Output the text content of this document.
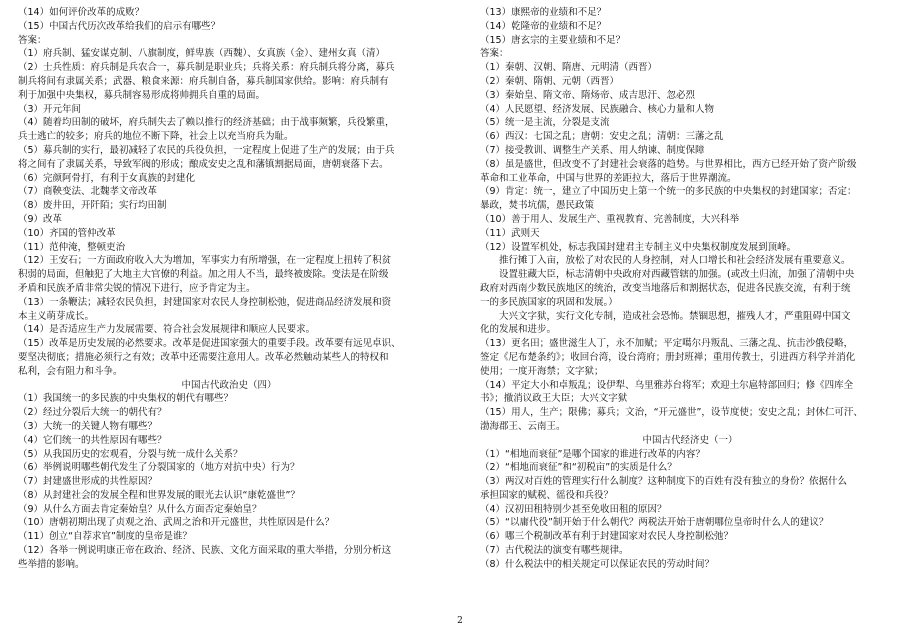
（14）如何评价改革的成败？
（15）中国古代历次改革给我们的启示有哪些？
答案：
（1）府兵制、猛安谋克制、八旗制度，鲜卑族（西魏）、女真族（金）、建州女真（清）
（2）士兵性质：府兵制是兵农合一，募兵制是职业兵；兵将关系：府兵制兵将分离，募兵
制兵将间有隶属关系；武器、粮食来源：府兵制自备，募兵制国家供给。影响：府兵制有
利于加强中央集权，募兵制容易形成将帅拥兵自重的局面。
（3）开元年间
（4）随着均田制的破坏，府兵制失去了赖以推行的经济基础；由于战事频繁，兵役繁重，
兵士逃亡的较多；府兵的地位不断下降，社会上以充当府兵为耻。
（5）募兵制的实行，最初减轻了农民的兵役负担，一定程度上促进了生产的发展；由于兵
将之间有了隶属关系，导致军阀的形成；酿成安史之乱和藩镇割据局面，唐朝衰落下去。
（6）完颜阿骨打，有利于女真族的封建化
（7）商鞅变法、北魏孝文帝改革
（8）废井田，开阡陌；实行均田制
（9）改革
（10）齐国的管仲改革
（11）范仲淹，整顿吏治
（12）王安石；一方面政府收入大为增加，军事实力有所增强，在一定程度上扭转了积贫
积弱的局面，但触犯了大地主大官僚的利益。加之用人不当，最终被废除。变法是在阶级
矛盾和民族矛盾非常尖锐的情况下进行，应予肯定为主。
（13）一条鞭法；减轻农民负担，封建国家对农民人身控制松弛，促进商品经济发展和资
本主义萌芽成长。
（14）是否适应生产力发展需要、符合社会发展规律和顺应人民要求。
（15）改革是历史发展的必然要求。改革是促进国家强大的重要手段。改革要有远见卓识、
要坚决彻底；措施必须行之有效；改革中还需要注意用人。改革必然触动某些人的特权和
私利，会有阻力和斗争。
中国古代政治史（四）
（1）我国统一的多民族的中央集权的朝代有哪些？
（2）经过分裂后大统一的朝代有？
（3）大统一的关键人物有哪些？
（4）它们统一的共性原因有哪些？
（5）从我国历史的宏观看，分裂与统一成什么关系？
（6）举例说明哪些朝代发生了分裂国家的（地方对抗中央）行为？
（7）封建盛世形成的共性原因？
（8）从封建社会的发展全程和世界发展的眼光去认识“康乾盛世”？
（9）从什么方面去肯定秦始皇？从什么方面否定秦始皇？
（10）唐朝初期出现了贞观之治、武周之治和开元盛世，共性原因是什么？
（11）创立“自荐求官”制度的皇帝是谁？
（12）各举一例说明康正帝在政治、经济、民族、文化方面采取的重大举措，分别分析这
些举措的影响。
（13）康熙帝的业绩和不足？
（14）乾隆帝的业绩和不足？
（15）唐玄宗的主要业绩和不足？
答案：
（1）秦朝、汉朝、隋唐、元明清（西晋）
（2）秦朝、隋朝、元朝（西晋）
（3）秦始皇、隋文帝、隋炀帝、成吉思汗、忽必烈
（4）人民愿望、经济发展、民族融合、核心力量和人物
（5）统一是主流，分裂是支流
（6）西汉：七国之乱；唐朝：安史之乱；清朝：三藩之乱
（7）接受教训、调整生产关系、用人纳谏、制度保障
（8）虽是盛世，但改变不了封建社会衰落的趋势。与世界相比，西方已经开始了资产阶级
革命和工业革命，中国与世界的差距拉大，落后于世界潮流。
（9）肯定：统一，建立了中国历史上第一个统一的多民族的中央集权的封建国家；否定：
暴政，焚书坑儒，愚民政策
（10）善于用人、发展生产、重视教育、完善制度，大兴科举
（11）武则天
（12）设置军机处，标志我国封建君主专制主义中央集权制度发展到顶峰。
　　推行摊丁入亩，放松了对农民的人身控制，对人口增长和社会经济发展有重要意义。
　　设置驻藏大臣，标志清朝中央政府对西藏管辖的加强。(或改土归流，加强了清朝中央
政府对西南少数民族地区的统治，改变当地落后和割据状态，促进各民族交流，有利于统
一的多民族国家的巩固和发展。）
　　大兴文字狱，实行文化专制，造成社会恐怖。禁锢思想，摧残人才，严重阻碍中国文
化的发展和进步。
（13）更名田；盛世滋生人丁，永不加赋；平定噶尔丹叛乱、三藩之乱、抗击沙俄侵略，
签定《尼布楚条约》；收回台湾，设台湾府；册封班禅；重用传教士，引进西方科学并消化
使用；一度开海禁；文字狱；
（14）平定大小和卓叛乱；设伊犁、乌里雅苏台将军；欢迎土尔扈特部回归；修《四库全
书》；撤消议政王大臣；大兴文字狱
（15）用人，生产；限佛；募兵；文治，“开元盛世”，设节度使；安史之乱；封休仁可汗、
渤海郡王、云南王。
中国古代经济史（一）
（1）“相地而衰征”是哪个国家的谁进行改革的内容？
（2）“相地而衰征”和“初税亩”的实质是什么？
（3）两汉对百姓的管理实行什么制度？这种制度下的百姓有没有独立的身份？依据什么
承担国家的赋税、徭役和兵役？
（4）汉初田租特别少甚至免收田租的原因？
（5）“以庸代役”制开始于什么朝代？两税法开始于唐朝哪位皇帝时什么人的建议？
（6）哪三个税制改革有利于封建国家对农民人身控制松弛？
（7）古代税法的演变有哪些规律。
（8）什么税法中的相关规定可以保证农民的劳动时间？
2
